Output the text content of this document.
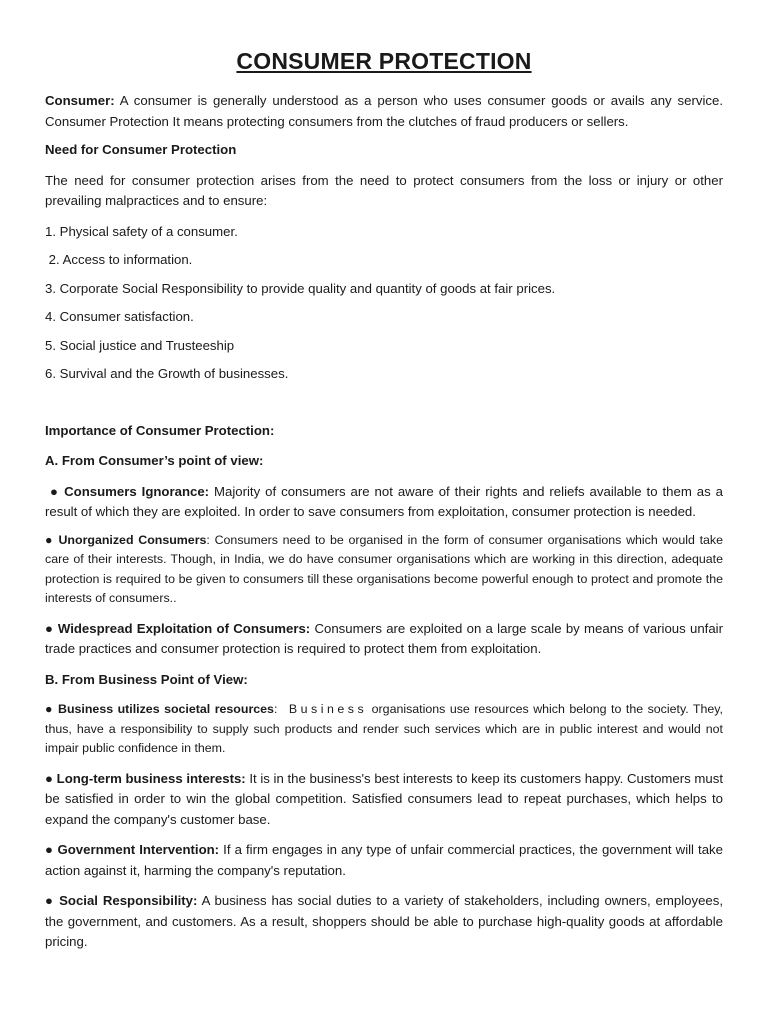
CONSUMER PROTECTION

Consumer: A consumer is generally understood as a person who uses consumer goods or avails any service. Consumer Protection It means protecting consumers from the clutches of fraud producers or sellers.

Need for Consumer Protection

The need for consumer protection arises from the need to protect consumers from the loss or injury or other prevailing malpractices and to ensure:

1. Physical safety of a consumer.

2. Access to information.

3. Corporate Social Responsibility to provide quality and quantity of goods at fair prices.

4. Consumer satisfaction.

5. Social justice and Trusteeship

6. Survival and the Growth of businesses.

Importance of Consumer Protection:

A. From Consumer’s point of view:

● Consumers Ignorance: Majority of consumers are not aware of their rights and reliefs available to them as a result of which they are exploited. In order to save consumers from exploitation, consumer protection is needed.

● Unorganized Consumers: Consumers need to be organised in the form of consumer organisations which would take care of their interests. Though, in India, we do have consumer organisations which are working in this direction, adequate protection is required to be given to consumers till these organisations become powerful enough to protect and promote the interests of consumers..

● Widespread Exploitation of Consumers: Consumers are exploited on a large scale by means of various unfair trade practices and consumer protection is required to protect them from exploitation.

B. From Business Point of View:

● Business utilizes societal resources: Business organisations use resources which belong to the society. They, thus, have a responsibility to supply such products and render such services which are in public interest and would not impair public confidence in them.

● Long-term business interests: It is in the business's best interests to keep its customers happy. Customers must be satisfied in order to win the global competition. Satisfied consumers lead to repeat purchases, which helps to expand the company's customer base.

● Government Intervention: If a firm engages in any type of unfair commercial practices, the government will take action against it, harming the company's reputation.

● Social Responsibility: A business has social duties to a variety of stakeholders, including owners, employees, the government, and customers. As a result, shoppers should be able to purchase high-quality goods at affordable pricing.
